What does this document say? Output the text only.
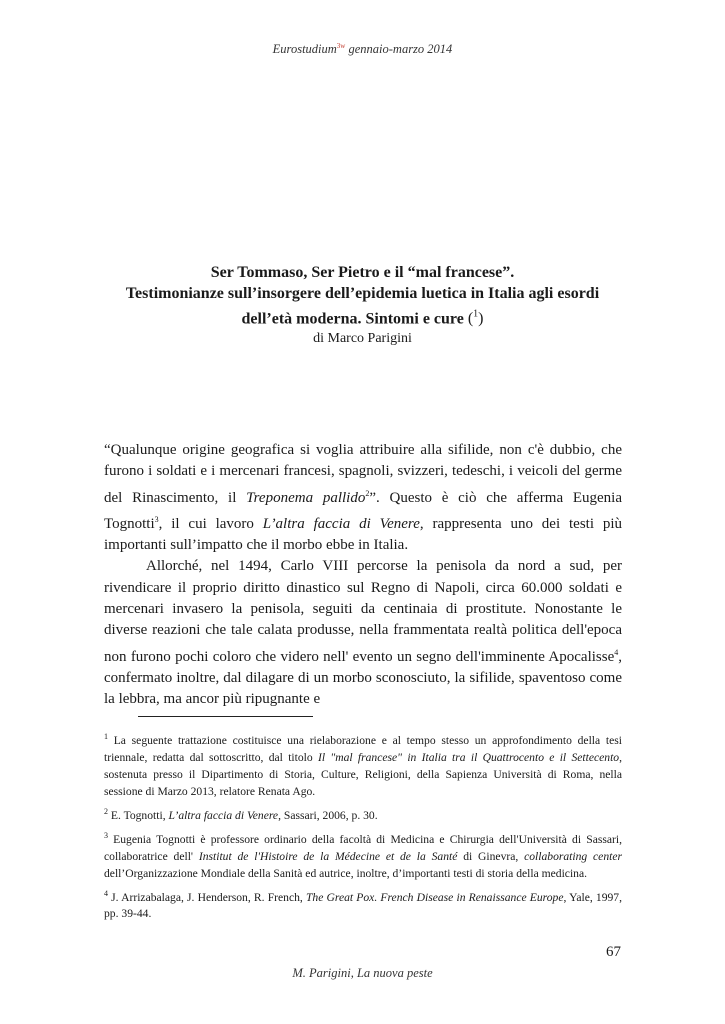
Eurostudium$^{3w}$ gennaio-marzo 2014
Ser Tommaso, Ser Pietro e il “mal francese”.
Testimonianze sull’insorgere dell’epidemia luetica in Italia agli esordi
dell’età moderna. Sintomi e cure ($^1$)
di Marco Parigini

“Qualunque origine geografica si voglia attribuire alla sifilide, non c'è dubbio, che furono i soldati e i mercenari francesi, spagnoli, svizzeri, tedeschi, i veicoli del germe del Rinascimento, il Treponema pallido$^2$”. Questo è ciò che afferma Eugenia Tognotti$^3$, il cui lavoro L’altra faccia di Venere, rappresenta uno dei testi più importanti sull’impatto che il morbo ebbe in Italia.

Allorché, nel 1494, Carlo VIII percorse la penisola da nord a sud, per rivendicare il proprio diritto dinastico sul Regno di Napoli, circa 60.000 soldati e mercenari invasero la penisola, seguiti da centinaia di prostitute. Nonostante le diverse reazioni che tale calata produsse, nella frammentata realtà politica dell'epoca non furono pochi coloro che videro nell' evento un segno dell'imminente Apocalisse$^4$, confermato inoltre, dal dilagare di un morbo sconosciuto, la sifilide, spaventoso come la lebbra, ma ancor più ripugnante e

$^1$ La seguente trattazione costituisce una rielaborazione e al tempo stesso un approfondimento della tesi triennale, redatta dal sottoscritto, dal titolo Il "mal francese" in Italia tra il Quattrocento e il Settecento, sostenuta presso il Dipartimento di Storia, Culture, Religioni, della Sapienza Università di Roma, nella sessione di Marzo 2013, relatore Renata Ago.
$^2$ E. Tognotti, L’altra faccia di Venere, Sassari, 2006, p. 30.
$^3$ Eugenia Tognotti è professore ordinario della facoltà di Medicina e Chirurgia dell'Università di Sassari, collaboratrice dell' Institut de l'Histoire de la Médecine et de la Santé di Ginevra, collaborating center dell’Organizzazione Mondiale della Sanità ed autrice, inoltre, d’importanti testi di storia della medicina.
$^4$ J. Arrizabalaga, J. Henderson, R. French, The Great Pox. French Disease in Renaissance Europe, Yale, 1997, pp. 39-44.
67
M. Parigini, La nuova peste
